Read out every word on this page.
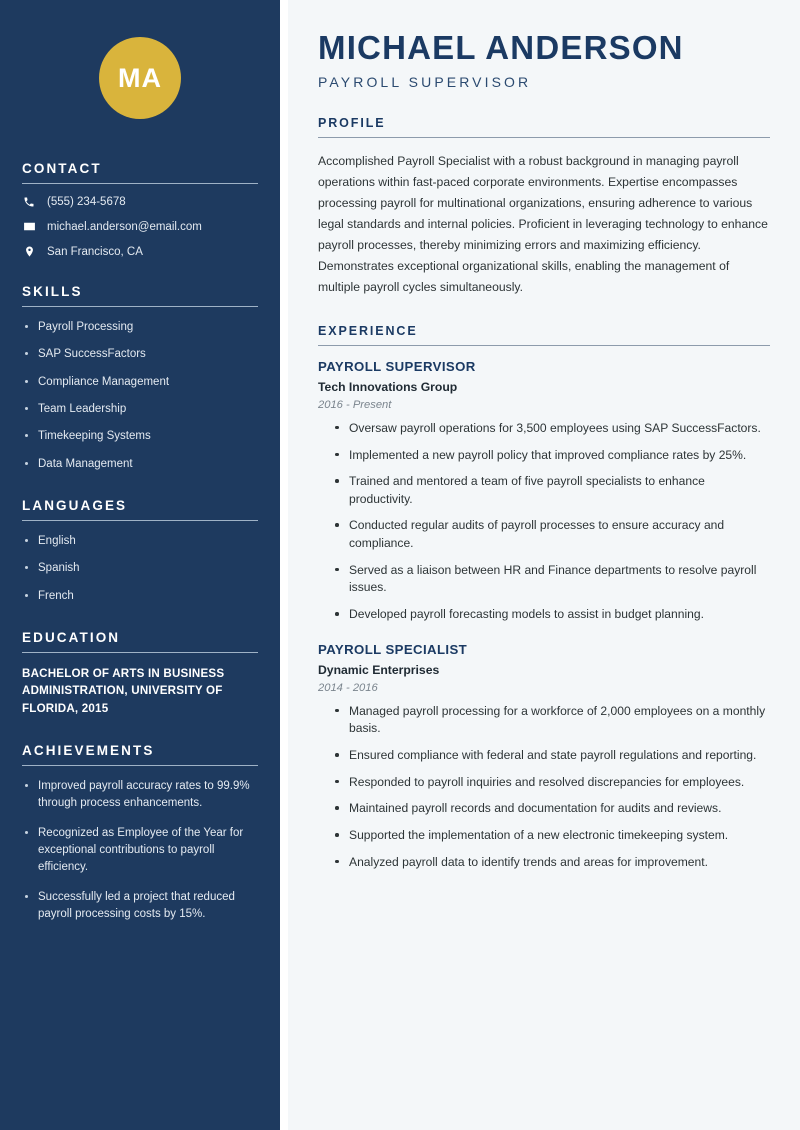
MA
CONTACT
(555) 234-5678
michael.anderson@email.com
San Francisco, CA
SKILLS
Payroll Processing
SAP SuccessFactors
Compliance Management
Team Leadership
Timekeeping Systems
Data Management
LANGUAGES
English
Spanish
French
EDUCATION
BACHELOR OF ARTS IN BUSINESS ADMINISTRATION, UNIVERSITY OF FLORIDA, 2015
ACHIEVEMENTS
Improved payroll accuracy rates to 99.9% through process enhancements.
Recognized as Employee of the Year for exceptional contributions to payroll efficiency.
Successfully led a project that reduced payroll processing costs by 15%.
MICHAEL ANDERSON
PAYROLL SUPERVISOR
PROFILE

Accomplished Payroll Specialist with a robust background in managing payroll operations within fast-paced corporate environments. Expertise encompasses processing payroll for multinational organizations, ensuring adherence to various legal standards and internal policies. Proficient in leveraging technology to enhance payroll processes, thereby minimizing errors and maximizing efficiency. Demonstrates exceptional organizational skills, enabling the management of multiple payroll cycles simultaneously.

EXPERIENCE
PAYROLL SUPERVISOR
Tech Innovations Group
2016 - Present
Oversaw payroll operations for 3,500 employees using SAP SuccessFactors.
Implemented a new payroll policy that improved compliance rates by 25%.
Trained and mentored a team of five payroll specialists to enhance productivity.
Conducted regular audits of payroll processes to ensure accuracy and compliance.
Served as a liaison between HR and Finance departments to resolve payroll issues.
Developed payroll forecasting models to assist in budget planning.
PAYROLL SPECIALIST
Dynamic Enterprises
2014 - 2016
Managed payroll processing for a workforce of 2,000 employees on a monthly basis.
Ensured compliance with federal and state payroll regulations and reporting.
Responded to payroll inquiries and resolved discrepancies for employees.
Maintained payroll records and documentation for audits and reviews.
Supported the implementation of a new electronic timekeeping system.
Analyzed payroll data to identify trends and areas for improvement.
